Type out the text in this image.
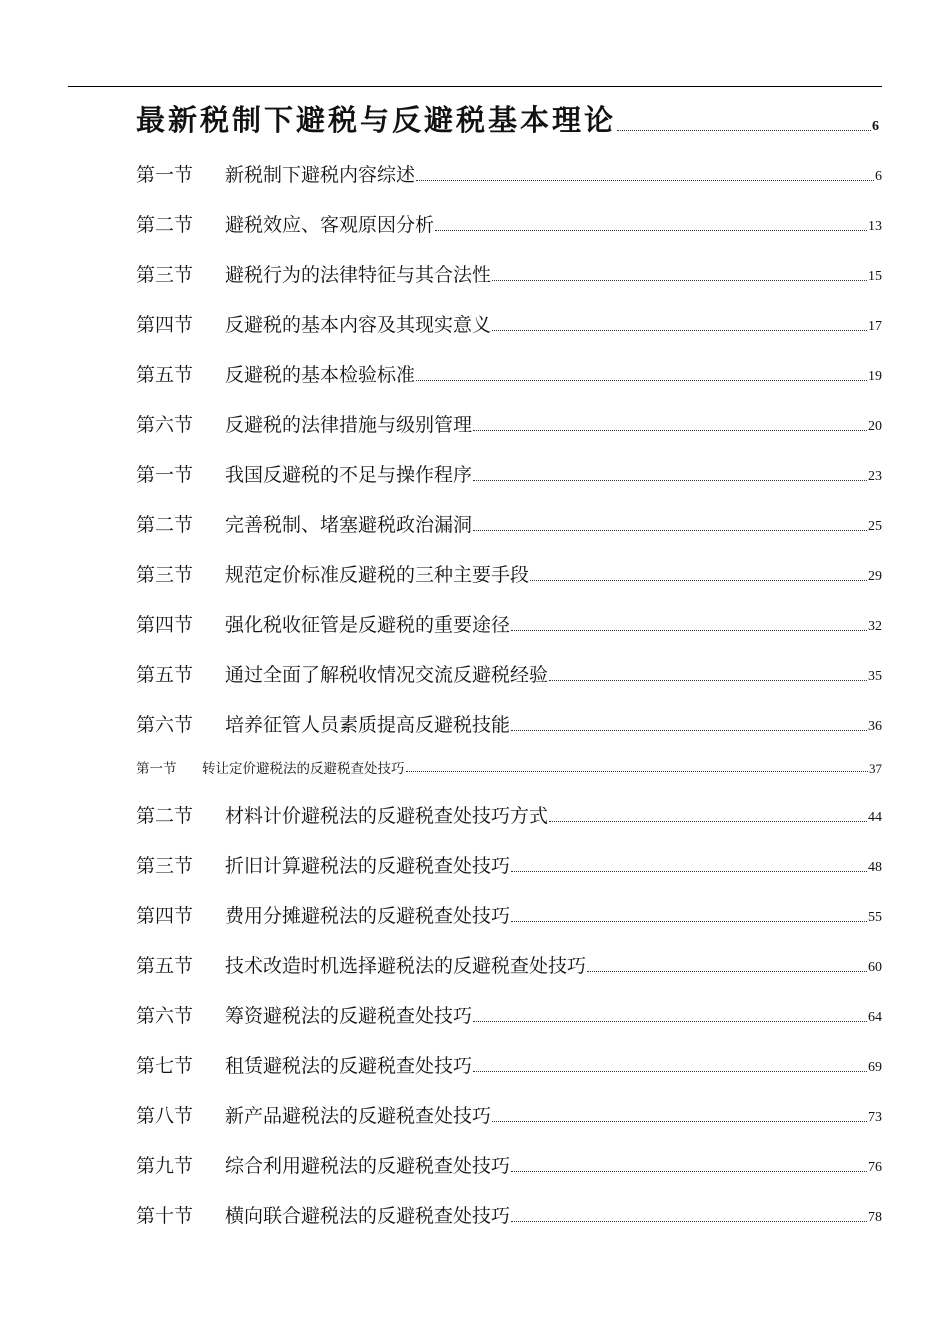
最新税制下避税与反避税基本理论	6
第一节 新税制下避税内容综述	6
第二节 避税效应、客观原因分析	13
第三节 避税行为的法律特征与其合法性	15
第四节 反避税的基本内容及其现实意义	17
第五节 反避税的基本检验标准	19
第六节 反避税的法律措施与级别管理	20
第一节 我国反避税的不足与操作程序	23
第二节 完善税制、堵塞避税政治漏洞	25
第三节 规范定价标准反避税的三种主要手段	29
第四节 强化税收征管是反避税的重要途径	32
第五节 通过全面了解税收情况交流反避税经验	35
第六节 培养征管人员素质提高反避税技能	36
第一节 转让定价避税法的反避税查处技巧	37
第二节 材料计价避税法的反避税查处技巧方式	44
第三节 折旧计算避税法的反避税查处技巧	48
第四节 费用分摊避税法的反避税查处技巧	55
第五节 技术改造时机选择避税法的反避税查处技巧	60
第六节 筹资避税法的反避税查处技巧	64
第七节 租赁避税法的反避税查处技巧	69
第八节 新产品避税法的反避税查处技巧	73
第九节 综合利用避税法的反避税查处技巧	76
第十节 横向联合避税法的反避税查处技巧	78
